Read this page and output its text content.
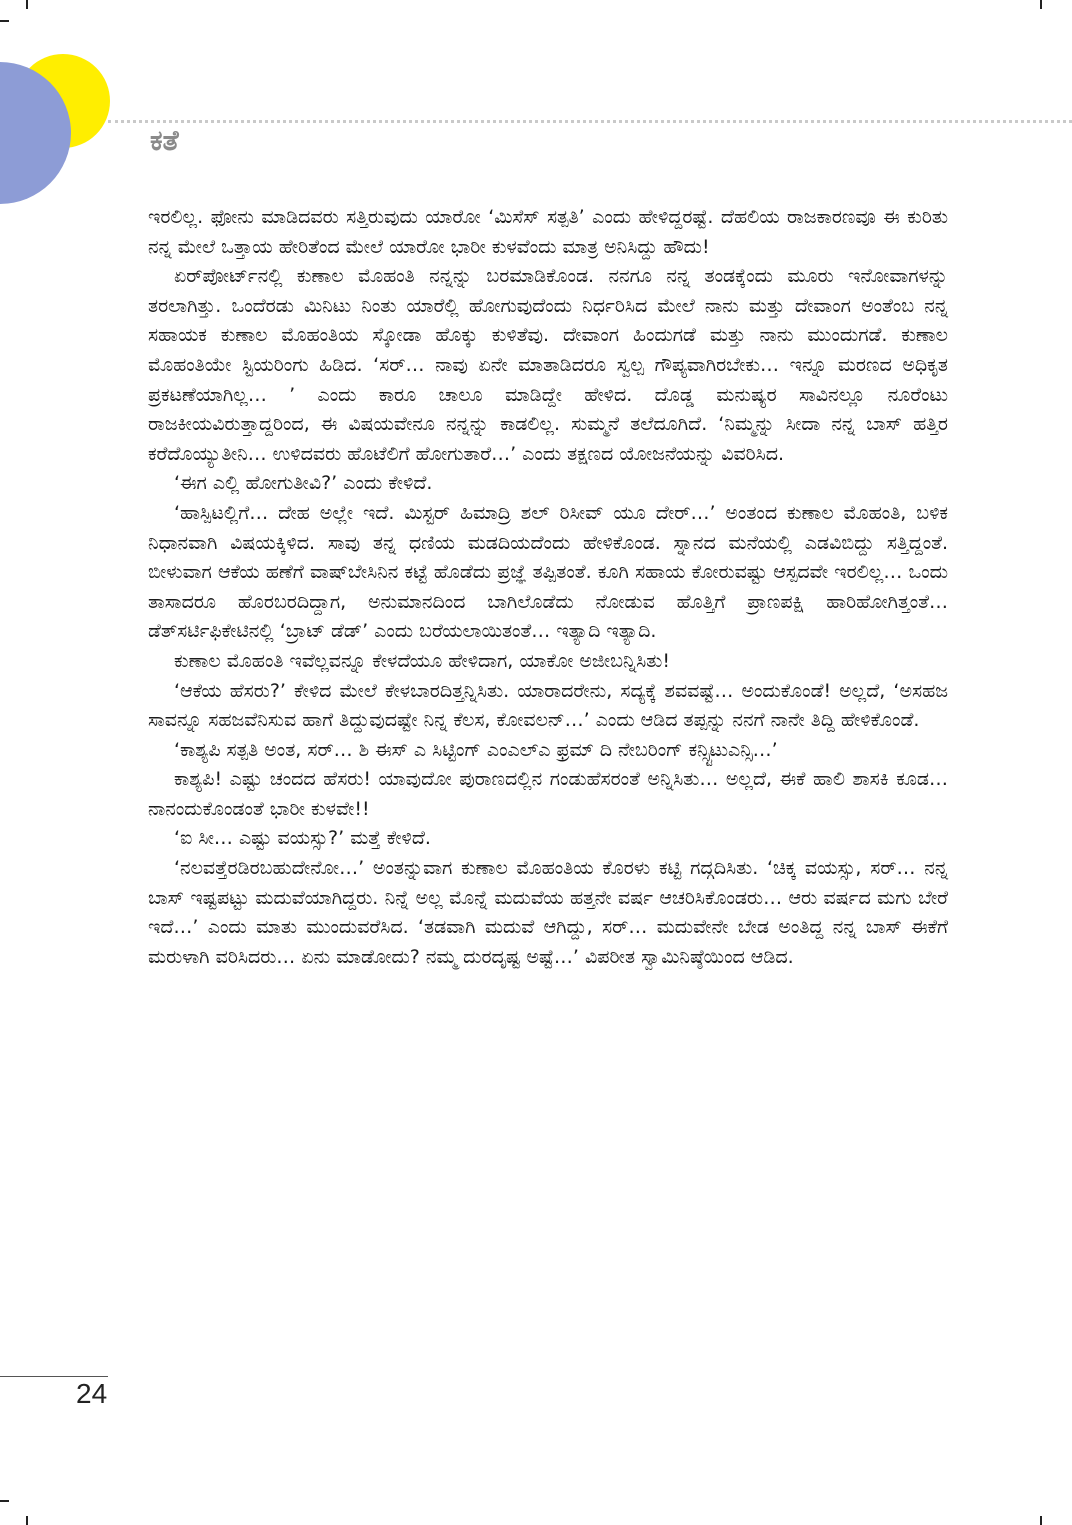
ಕತೆ

ಇರಲಿಲ್ಲ. ಫೋನು ಮಾಡಿದವರು ಸತ್ತಿರುವುದು ಯಾರೋ ‘ಮಿಸೆಸ್ ಸತ್ಪತಿ’ ಎಂದು ಹೇಳಿದ್ದರಷ್ಟೆ. ದೆಹಲಿಯ ರಾಜಕಾರಣವೂ ಈ ಕುರಿತು ನನ್ನ ಮೇಲೆ ಒತ್ತಾಯ ಹೇರಿತೆಂದ ಮೇಲೆ ಯಾರೋ ಭಾರೀ ಕುಳವೆಂದು ಮಾತ್ರ ಅನಿಸಿದ್ದು ಹೌದು!

ಏರ್‌ಪೋರ್ಟ್‌ನಲ್ಲಿ ಕುಣಾಲ ಮೊಹಂತಿ ನನ್ನನ್ನು ಬರಮಾಡಿಕೊಂಡ. ನನಗೂ ನನ್ನ ತಂಡಕ್ಕೆಂದು ಮೂರು ಇನೋವಾಗಳನ್ನು ತರಲಾಗಿತ್ತು. ಒಂದೆರಡು ಮಿನಿಟು ನಿಂತು ಯಾರೆಲ್ಲಿ ಹೋಗುವುದೆಂದು ನಿರ್ಧರಿಸಿದ ಮೇಲೆ ನಾನು ಮತ್ತು ದೇವಾಂಗ ಅಂತೆಂಬ ನನ್ನ ಸಹಾಯಕ ಕುಣಾಲ ಮೊಹಂತಿಯ ಸ್ಕೋಡಾ ಹೊಕ್ಕು ಕುಳಿತೆವು. ದೇವಾಂಗ ಹಿಂದುಗಡೆ ಮತ್ತು ನಾನು ಮುಂದುಗಡೆ. ಕುಣಾಲ ಮೊಹಂತಿಯೇ ಸ್ಟಿಯರಿಂಗು ಹಿಡಿದ. ‘ಸರ್… ನಾವು ಏನೇ ಮಾತಾಡಿದರೂ ಸ್ವಲ್ಪ ಗೌಪ್ಯವಾಗಿರಬೇಕು… ಇನ್ನೂ ಮರಣದ ಅಧಿಕೃತ ಪ್ರಕಟಣೆಯಾಗಿಲ್ಲ… ’ ಎಂದು ಕಾರೂ ಚಾಲೂ ಮಾಡಿದ್ದೇ ಹೇಳಿದ. ದೊಡ್ಡ ಮನುಷ್ಯರ ಸಾವಿನಲ್ಲೂ ನೂರೆಂಟು ರಾಜಕೀಯವಿರುತ್ತಾದ್ದರಿಂದ, ಈ ವಿಷಯವೇನೂ ನನ್ನನ್ನು ಕಾಡಲಿಲ್ಲ. ಸುಮ್ಮನೆ ತಲೆದೂಗಿದೆ. ‘ನಿಮ್ಮನ್ನು ಸೀದಾ ನನ್ನ ಬಾಸ್ ಹತ್ತಿರ ಕರೆದೊಯ್ಯುತೀನಿ… ಉಳಿದವರು ಹೊಟೆಲಿಗೆ ಹೋಗುತಾರೆ…’ ಎಂದು ತಕ್ಷಣದ ಯೋಜನೆಯನ್ನು ವಿವರಿಸಿದ.

‘ಈಗ ಎಲ್ಲಿ ಹೋಗುತೀವಿ?’ ಎಂದು ಕೇಳಿದೆ.

‘ಹಾಸ್ಪಿಟಲ್ಲಿಗೆ… ದೇಹ ಅಲ್ಲೇ ಇದೆ. ಮಿಸ್ಟರ್ ಹಿಮಾದ್ರಿ ಶಲ್ ರಿಸೀವ್ ಯೂ ದೇರ್…’ ಅಂತಂದ ಕುಣಾಲ ಮೊಹಂತಿ, ಬಳಿಕ ನಿಧಾನವಾಗಿ ವಿಷಯಕ್ಕಿಳಿದ. ಸಾವು ತನ್ನ ಧಣಿಯ ಮಡದಿಯದೆಂದು ಹೇಳಿಕೊಂಡ. ಸ್ನಾನದ ಮನೆಯಲ್ಲಿ ಎಡವಿಬಿದ್ದು ಸತ್ತಿದ್ದಂತೆ. ಬೀಳುವಾಗ ಆಕೆಯ ಹಣೆಗೆ ವಾಷ್‌ಬೇಸಿನಿನ ಕಟ್ಟೆ ಹೊಡೆದು ಪ್ರಜ್ಞೆ ತಪ್ಪಿತಂತೆ. ಕೂಗಿ ಸಹಾಯ ಕೋರುವಷ್ಟು ಆಸ್ಪದವೇ ಇರಲಿಲ್ಲ… ಒಂದು ತಾಸಾದರೂ ಹೊರಬರದಿದ್ದಾಗ, ಅನುಮಾನದಿಂದ ಬಾಗಿಲೊಡೆದು ನೋಡುವ ಹೊತ್ತಿಗೆ ಪ್ರಾಣಪಕ್ಷಿ ಹಾರಿಹೋಗಿತ್ತಂತೆ… ಡೆತ್‌ಸರ್ಟಿಫಿಕೇಟಿನಲ್ಲಿ ‘ಬ್ರಾಟ್ ಡೆಡ್’ ಎಂದು ಬರೆಯಲಾಯಿತಂತೆ… ಇತ್ಯಾದಿ ಇತ್ಯಾದಿ.

ಕುಣಾಲ ಮೊಹಂತಿ ಇವೆಲ್ಲವನ್ನೂ ಕೇಳದೆಯೂ ಹೇಳಿದಾಗ, ಯಾಕೋ ಅಜೀಬನ್ನಿಸಿತು!

‘ಆಕೆಯ ಹೆಸರು?’ ಕೇಳಿದ ಮೇಲೆ ಕೇಳಬಾರದಿತ್ತನ್ನಿಸಿತು. ಯಾರಾದರೇನು, ಸದ್ಯಕ್ಕೆ ಶವವಷ್ಟೆ… ಅಂದುಕೊಂಡೆ! ಅಲ್ಲದೆ, ‘ಅಸಹಜ ಸಾವನ್ನೂ ಸಹಜವೆನಿಸುವ ಹಾಗೆ ತಿದ್ದುವುದಷ್ಟೇ ನಿನ್ನ ಕೆಲಸ, ಕೋವಲನ್…’ ಎಂದು ಆಡಿದ ತಪ್ಪನ್ನು ನನಗೆ ನಾನೇ ತಿದ್ದಿ ಹೇಳಿಕೊಂಡೆ.

‘ಕಾಶ್ಯಪಿ ಸತ್ಪತಿ ಅಂತ, ಸರ್… ಶಿ ಈಸ್ ಎ ಸಿಟ್ಟಿಂಗ್ ಎಂಎಲ್‌ಎ ಫ್ರಮ್ ದಿ ನೇಬರಿಂಗ್ ಕನ್ಸ್ಟಿಟುಎನ್ಸಿ…’

ಕಾಶ್ಯಪಿ! ಎಷ್ಟು ಚಂದದ ಹೆಸರು! ಯಾವುದೋ ಪುರಾಣದಲ್ಲಿನ ಗಂಡುಹೆಸರಂತೆ ಅನ್ನಿಸಿತು… ಅಲ್ಲದೆ, ಈಕೆ ಹಾಲಿ ಶಾಸಕಿ ಕೂಡ… ನಾನಂದುಕೊಂಡಂತೆ ಭಾರೀ ಕುಳವೇ!!

‘ಐ ಸೀ… ಎಷ್ಟು ವಯಸ್ಸು?’ ಮತ್ತೆ ಕೇಳಿದೆ.

‘ನಲವತ್ತೆರಡಿರಬಹುದೇನೋ…’ ಅಂತನ್ನುವಾಗ ಕುಣಾಲ ಮೊಹಂತಿಯ ಕೊರಳು ಕಟ್ಟಿ ಗದ್ಗದಿಸಿತು. ‘ಚಿಕ್ಕ ವಯಸ್ಸು, ಸರ್… ನನ್ನ ಬಾಸ್ ಇಷ್ಟಪಟ್ಟು ಮದುವೆಯಾಗಿದ್ದರು. ನಿನ್ನೆ ಅಲ್ಲ ಮೊನ್ನೆ ಮದುವೆಯ ಹತ್ತನೇ ವರ್ಷ ಆಚರಿಸಿಕೊಂಡರು… ಆರು ವರ್ಷದ ಮಗು ಬೇರೆ ಇದೆ…’ ಎಂದು ಮಾತು ಮುಂದುವರೆಸಿದ. ‘ತಡವಾಗಿ ಮದುವೆ ಆಗಿದ್ದು, ಸರ್… ಮದುವೇನೇ ಬೇಡ ಅಂತಿದ್ದ ನನ್ನ ಬಾಸ್ ಈಕೆಗೆ ಮರುಳಾಗಿ ವರಿಸಿದರು… ಏನು ಮಾಡೋದು? ನಮ್ಮ ದುರದೃಷ್ಟ ಅಷ್ಟೆ…’ ವಿಪರೀತ ಸ್ವಾಮಿನಿಷ್ಠೆಯಿಂದ ಆಡಿದ.

24
